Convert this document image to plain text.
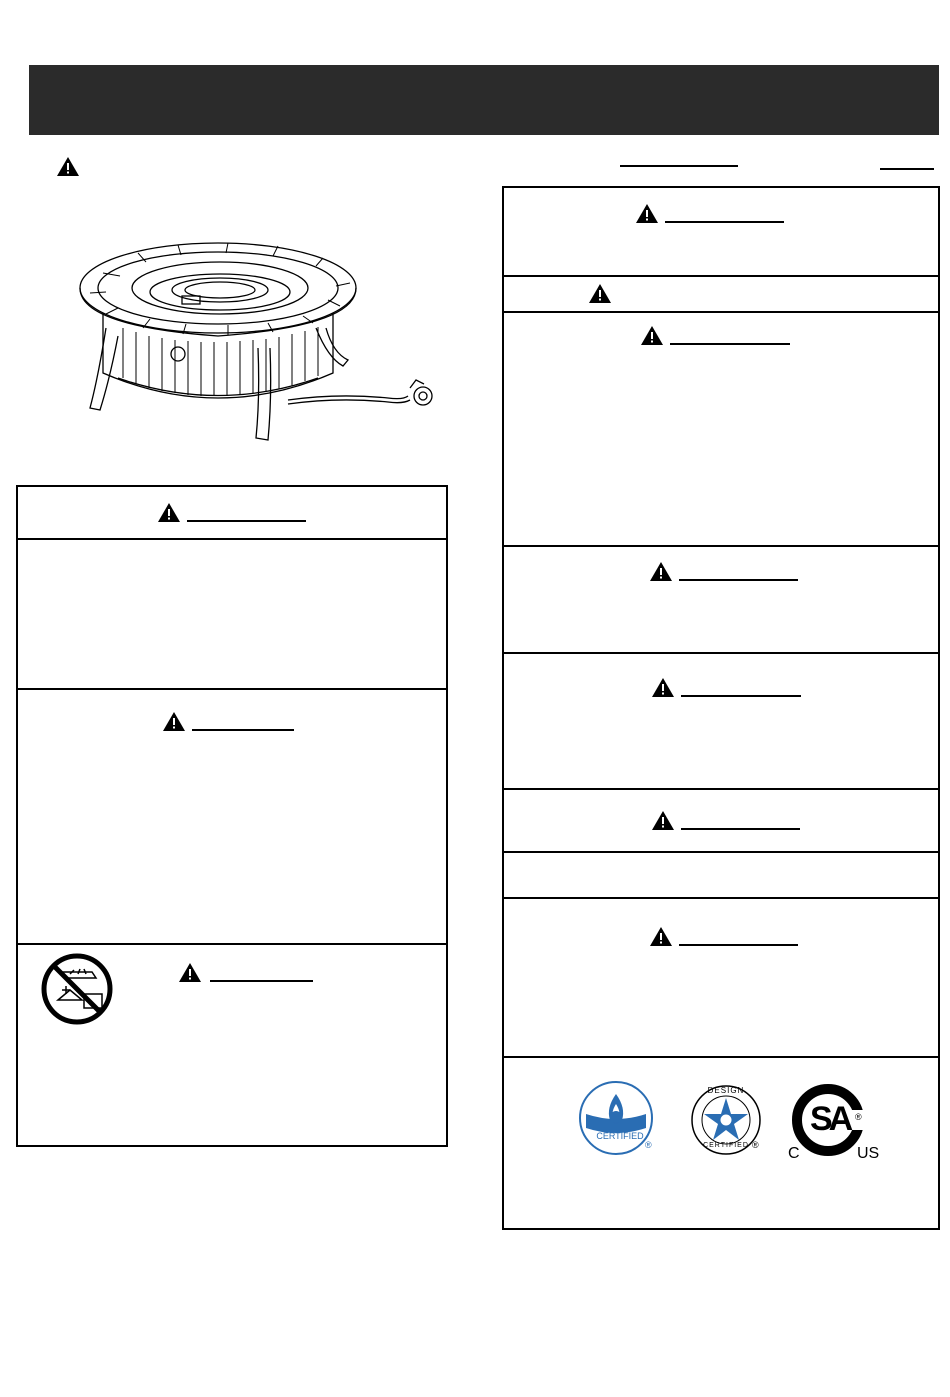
CERTIFIED
®
DESIGN
CERTIFIED ®
SA ®
C	US
